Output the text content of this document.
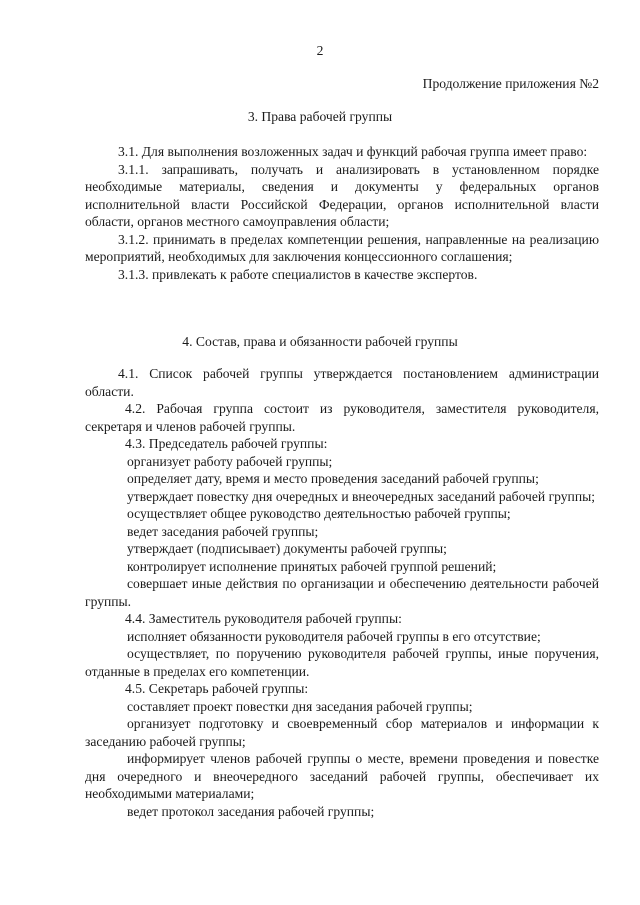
2
Продолжение приложения №2
3. Права рабочей группы

3.1. Для выполнения возложенных задач и функций рабочая группа имеет право:

3.1.1. запрашивать, получать и анализировать в установленном порядке необходимые материалы, сведения и документы у федеральных органов исполнительной власти Российской Федерации, органов исполнительной власти области, органов местного самоуправления области;

3.1.2. принимать в пределах компетенции решения, направленные на реализацию мероприятий, необходимых для заключения концессионного соглашения;

3.1.3. привлекать к работе специалистов в качестве экспертов.

4. Состав, права и обязанности рабочей группы

4.1. Список рабочей группы утверждается постановлением администрации области.

4.2. Рабочая группа состоит из руководителя, заместителя руководителя, секретаря и членов рабочей группы.

4.3. Председатель рабочей группы:

организует работу рабочей группы;

определяет дату, время и место проведения заседаний рабочей группы;

утверждает повестку дня очередных и внеочередных заседаний рабочей группы;

осуществляет общее руководство деятельностью рабочей группы;

ведет заседания рабочей группы;

утверждает (подписывает) документы рабочей группы;

контролирует исполнение принятых рабочей группой решений;

совершает иные действия по организации и обеспечению деятельности рабочей группы.

4.4. Заместитель руководителя рабочей группы:

исполняет обязанности руководителя рабочей группы в его отсутствие;

осуществляет, по поручению руководителя рабочей группы, иные поручения, отданные в пределах его компетенции.

4.5. Секретарь рабочей группы:

составляет проект повестки дня заседания рабочей группы;

организует подготовку и своевременный сбор материалов и информации к заседанию рабочей группы;

информирует членов рабочей группы о месте, времени проведения и повестке дня очередного и внеочередного заседаний рабочей группы, обеспечивает их необходимыми материалами;

ведет протокол заседания рабочей группы;
